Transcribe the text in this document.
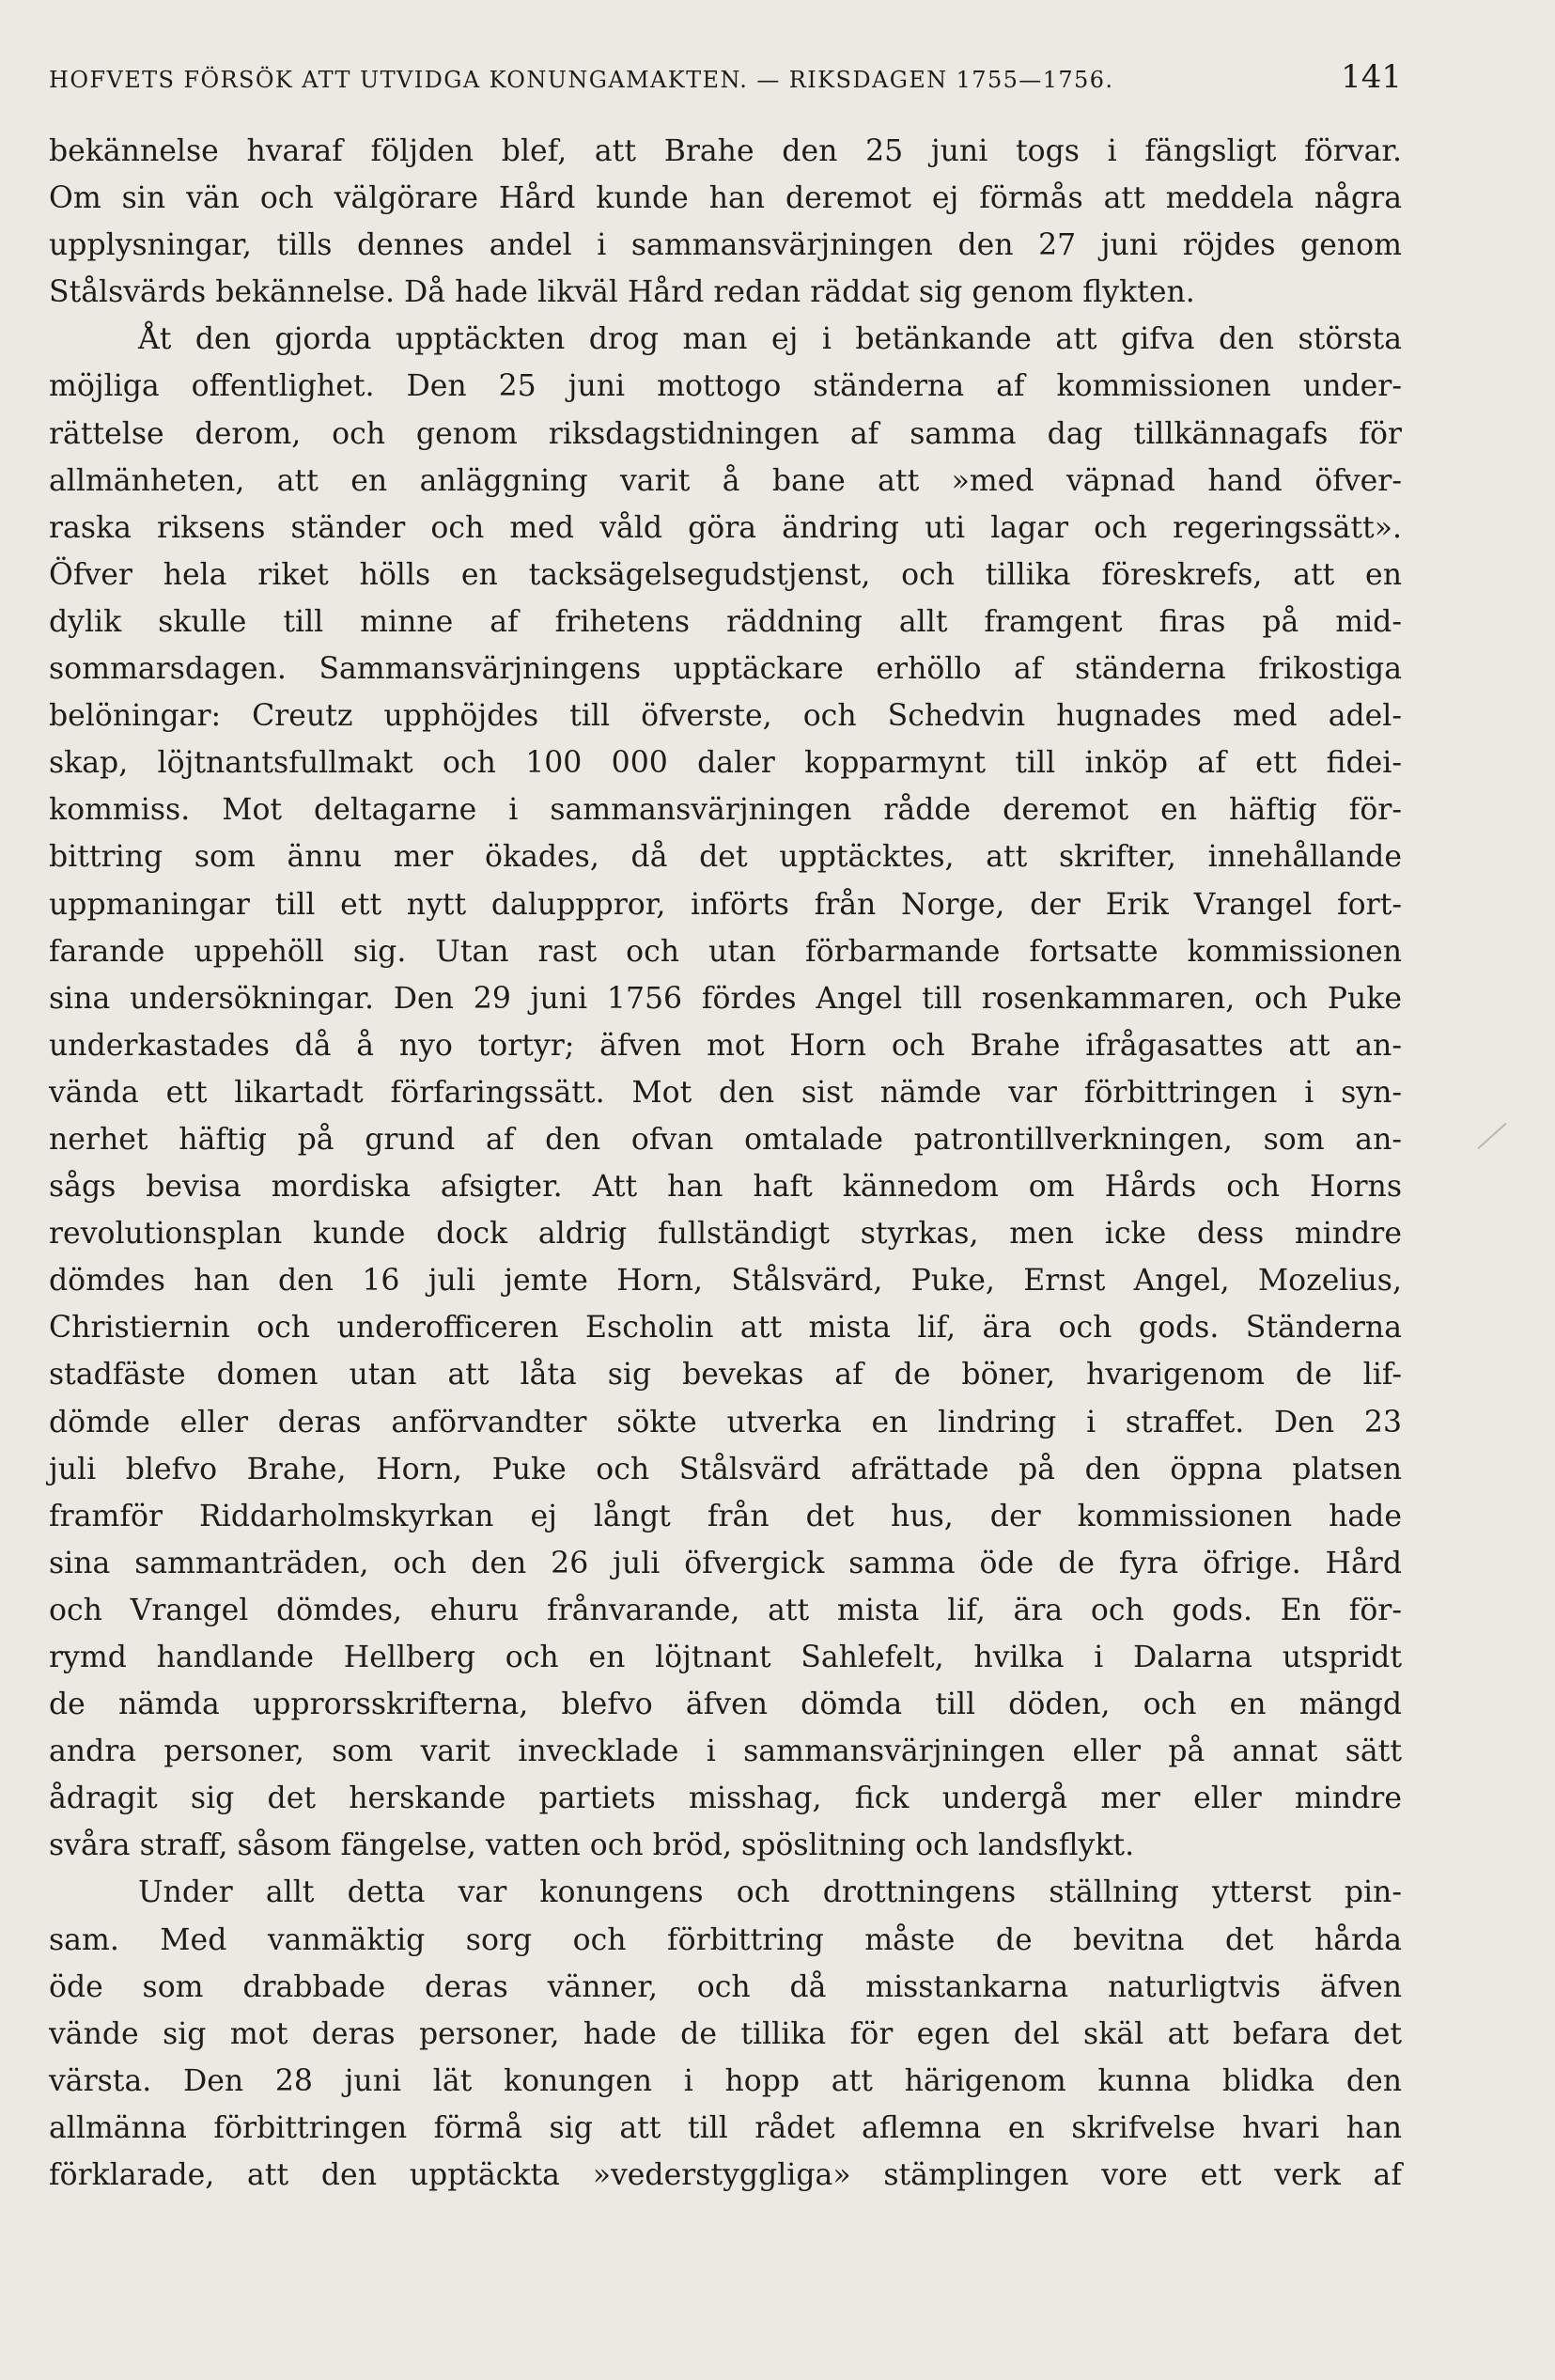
HOFVETS FÖRSÖK ATT UTVIDGA KONUNGAMAKTEN. — RIKSDAGEN 1755—1756.	141
bekännelse hvaraf följden blef, att Brahe den 25 juni togs i fängsligt förvar.
Om sin vän och välgörare Hård kunde han deremot ej förmås att meddela några
upplysningar, tills dennes andel i sammansvärjningen den 27 juni röjdes genom
Stålsvärds bekännelse. Då hade likväl Hård redan räddat sig genom flykten.
Åt den gjorda upptäckten drog man ej i betänkande att gifva den största
möjliga offentlighet. Den 25 juni mottogo ständerna af kommissionen under-
rättelse derom, och genom riksdagstidningen af samma dag tillkännagafs för
allmänheten, att en anläggning varit å bane att »med väpnad hand öfver-
raska riksens ständer och med våld göra ändring uti lagar och regeringssätt».
Öfver hela riket hölls en tacksägelsegudstjenst, och tillika föreskrefs, att en
dylik skulle till minne af frihetens räddning allt framgent firas på mid-
sommarsdagen. Sammansvärjningens upptäckare erhöllo af ständerna frikostiga
belöningar: Creutz upphöjdes till öfverste, och Schedvin hugnades med adel-
skap, löjtnantsfullmakt och 100 000 daler kopparmynt till inköp af ett fidei-
kommiss. Mot deltagarne i sammansvärjningen rådde deremot en häftig för-
bittring som ännu mer ökades, då det upptäcktes, att skrifter, innehållande
uppmaningar till ett nytt dalupppror, införts från Norge, der Erik Vrangel fort-
farande uppehöll sig. Utan rast och utan förbarmande fortsatte kommissionen
sina undersökningar. Den 29 juni 1756 fördes Angel till rosenkammaren, och Puke
underkastades då å nyo tortyr; äfven mot Horn och Brahe ifrågasattes att an-
vända ett likartadt förfaringssätt. Mot den sist nämde var förbittringen i syn-
nerhet häftig på grund af den ofvan omtalade patrontillverkningen, som an-
sågs bevisa mordiska afsigter. Att han haft kännedom om Hårds och Horns
revolutionsplan kunde dock aldrig fullständigt styrkas, men icke dess mindre
dömdes han den 16 juli jemte Horn, Stålsvärd, Puke, Ernst Angel, Mozelius,
Christiernin och underofficeren Escholin att mista lif, ära och gods. Ständerna
stadfäste domen utan att låta sig bevekas af de böner, hvarigenom de lif-
dömde eller deras anförvandter sökte utverka en lindring i straffet. Den 23
juli blefvo Brahe, Horn, Puke och Stålsvärd afrättade på den öppna platsen
framför Riddarholmskyrkan ej långt från det hus, der kommissionen hade
sina sammanträden, och den 26 juli öfvergick samma öde de fyra öfrige. Hård
och Vrangel dömdes, ehuru frånvarande, att mista lif, ära och gods. En för-
rymd handlande Hellberg och en löjtnant Sahlefelt, hvilka i Dalarna utspridt
de nämda upprorsskrifterna, blefvo äfven dömda till döden, och en mängd
andra personer, som varit invecklade i sammansvärjningen eller på annat sätt
ådragit sig det herskande partiets misshag, fick undergå mer eller mindre
svåra straff, såsom fängelse, vatten och bröd, spöslitning och landsflykt.
Under allt detta var konungens och drottningens ställning ytterst pin-
sam. Med vanmäktig sorg och förbittring måste de bevitna det hårda
öde som drabbade deras vänner, och då misstankarna naturligtvis äfven
vände sig mot deras personer, hade de tillika för egen del skäl att befara det
värsta. Den 28 juni lät konungen i hopp att härigenom kunna blidka den
allmänna förbittringen förmå sig att till rådet aflemna en skrifvelse hvari han
förklarade, att den upptäckta »vederstyggliga» stämplingen vore ett verk af
